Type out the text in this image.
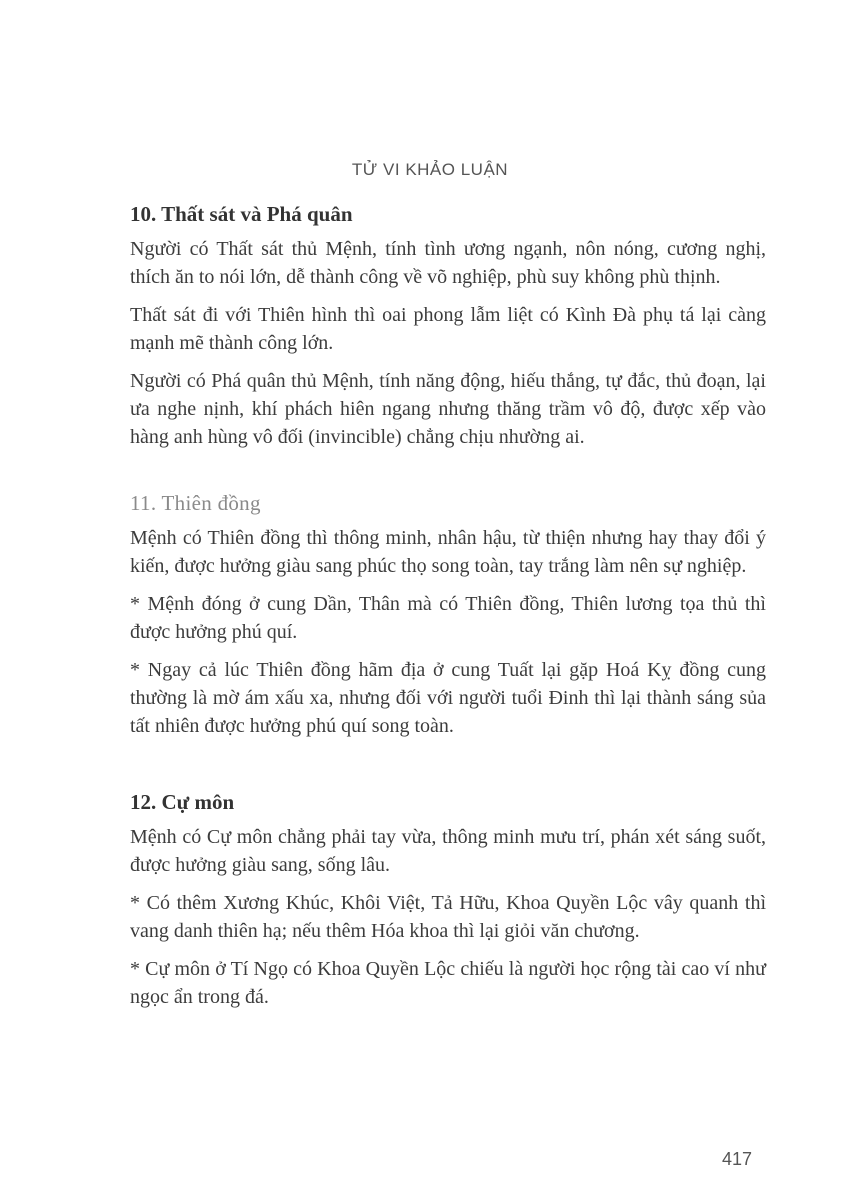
TỬ VI KHẢO LUẬN
10. Thất sát và Phá quân

Người có Thất sát thủ Mệnh, tính tình ương ngạnh, nôn nóng, cương nghị, thích ăn to nói lớn, dễ thành công về võ nghiệp, phù suy không phù thịnh.

Thất sát đi với Thiên hình thì oai phong lẫm liệt có Kình Đà phụ tá lại càng mạnh mẽ thành công lớn.

Người có Phá quân thủ Mệnh, tính năng động, hiếu thắng, tự đắc, thủ đoạn, lại ưa nghe nịnh, khí phách hiên ngang nhưng thăng trầm vô độ, được xếp vào hàng anh hùng vô đối (invincible) chẳng chịu nhường ai.

11. Thiên đồng

Mệnh có Thiên đồng thì thông minh, nhân hậu, từ thiện nhưng hay thay đổi ý kiến, được hưởng giàu sang phúc thọ song toàn, tay trắng làm nên sự nghiệp.

* Mệnh đóng ở cung Dần, Thân mà có Thiên đồng, Thiên lương tọa thủ thì được hưởng phú quí.

* Ngay cả lúc Thiên đồng hãm địa ở cung Tuất lại gặp Hoá Kỵ đồng cung thường là mờ ám xấu xa, nhưng đối với người tuổi Đinh thì lại thành sáng sủa tất nhiên được hưởng phú quí song toàn.

12. Cự môn

Mệnh có Cự môn chẳng phải tay vừa, thông minh mưu trí, phán xét sáng suốt, được hưởng giàu sang, sống lâu.

* Có thêm Xương Khúc, Khôi Việt, Tả Hữu, Khoa Quyền Lộc vây quanh thì vang danh thiên hạ; nếu thêm Hóa khoa thì lại giỏi văn chương.

* Cự môn ở Tí Ngọ có Khoa Quyền Lộc chiếu là người học rộng tài cao ví như ngọc ẩn trong đá.

417
